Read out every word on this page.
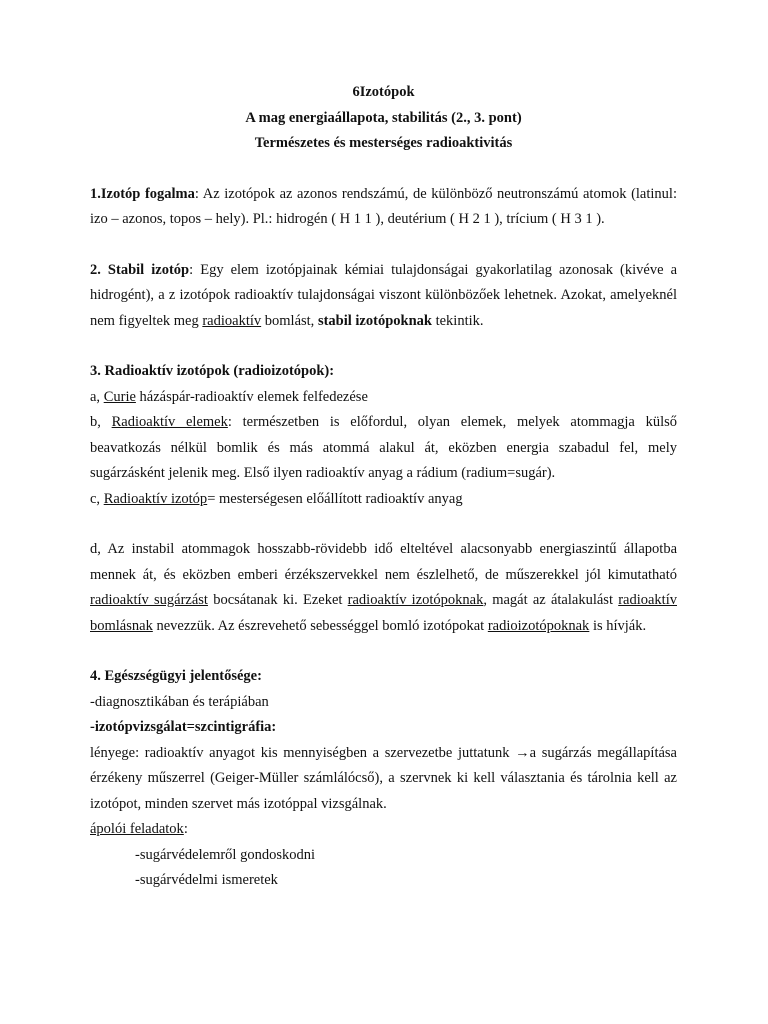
6Izotópok

A mag energiaállapota, stabilitás (2., 3. pont)

Természetes és mesterséges radioaktivitás

1.Izotóp fogalma: Az izotópok az azonos rendszámú, de különböző neutronszámú atomok (latinul: izo – azonos, topos – hely). Pl.: hidrogén ( H 1 1 ), deutérium ( H 2 1 ), trícium ( H 3 1 ).

2. Stabil izotóp: Egy elem izotópjainak kémiai tulajdonságai gyakorlatilag azonosak (kivéve a hidrogént), a z izotópok radioaktív tulajdonságai viszont különbözőek lehetnek. Azokat, amelyeknél nem figyeltek meg radioaktív bomlást, stabil izotópoknak tekintik.

3. Radioaktív izotópok (radioizotópok):

a, Curie házáspár-radioaktív elemek felfedezése

b, Radioaktív elemek: természetben is előfordul, olyan elemek, melyek atommagja külső beavatkozás nélkül bomlik és más atommá alakul át, eközben energia szabadul fel, mely sugárzásként jelenik meg. Első ilyen radioaktív anyag a rádium (radium=sugár).

c, Radioaktív izotóp= mesterségesen előállított radioaktív anyag

d, Az instabil atommagok hosszabb-rövidebb idő elteltével alacsonyabb energiaszintű állapotba mennek át, és eközben emberi érzékszervekkel nem észlelhető, de műszerekkel jól kimutatható radioaktív sugárzást bocsátanak ki. Ezeket radioaktív izotópoknak, magát az átalakulást radioaktív bomlásnak nevezzük. Az észrevehető sebességgel bomló izotópokat radioizotópoknak is hívják.

4. Egészségügyi jelentősége:

-diagnosztikában és terápiában

-izotópvizsgálat=szcintigráfia:

lényege: radioaktív anyagot kis mennyiségben a szervezetbe juttatunk →a sugárzás megállapítása érzékeny műszerrel (Geiger-Müller számlálócső), a szervnek ki kell választania és tárolnia kell az izotópot, minden szervet más izotóppal vizsgálnak.

ápolói feladatok:

-sugárvédelemről gondoskodni

-sugárvédelmi ismeretek
